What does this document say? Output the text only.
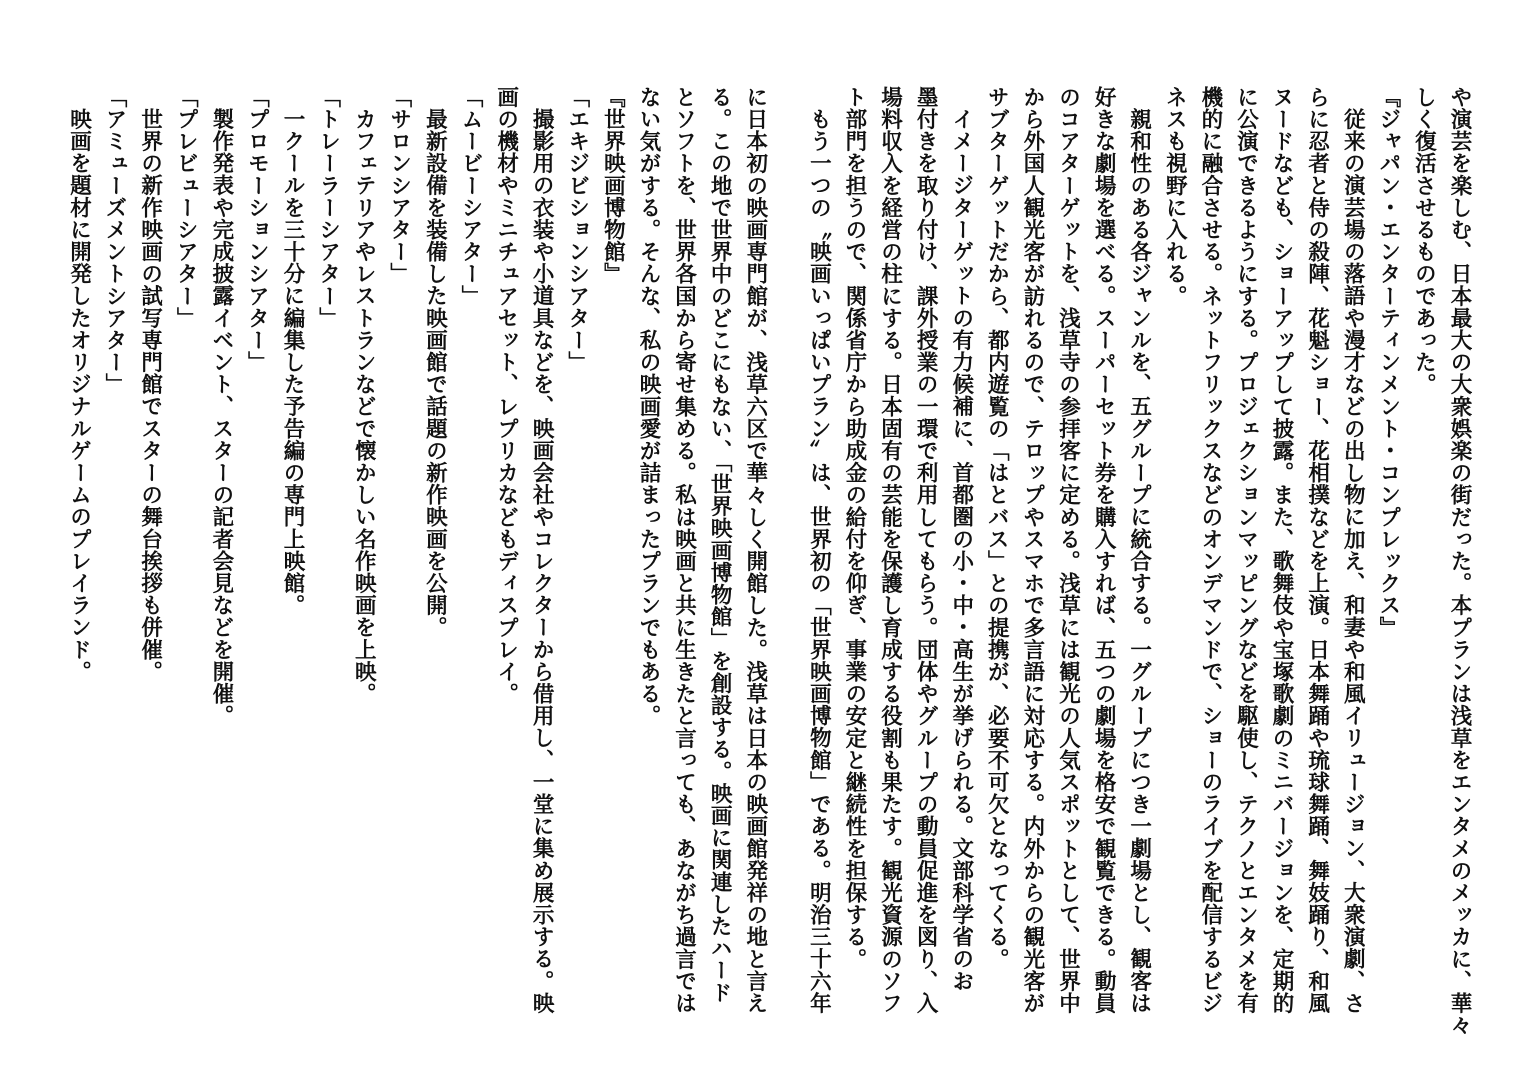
や演芸を楽しむ、日本最大の大衆娯楽の街だった。本プランは浅草をエンタメのメッカに、華々

しく復活させるものであった。

『ジャパン・エンターティンメント・コンプレックス』

従来の演芸場の落語や漫才などの出し物に加え、和妻や和風イリュージョン、大衆演劇、さ

らに忍者と侍の殺陣、花魁ショー、花相撲などを上演。日本舞踊や琉球舞踊、舞妓踊り、和風

ヌードなども、ショーアップして披露。また、歌舞伎や宝塚歌劇のミニバージョンを、定期的

に公演できるようにする。プロジェクションマッピングなどを駆使し、テクノとエンタメを有

機的に融合させる。ネットフリックスなどのオンデマンドで、ショーのライブを配信するビジ

ネスも視野に入れる。

親和性のある各ジャンルを、五グループに統合する。一グループにつき一劇場とし、観客は

好きな劇場を選べる。スーパーセット券を購入すれば、五つの劇場を格安で観覧できる。動員

のコアターゲットを、浅草寺の参拝客に定める。浅草には観光の人気スポットとして、世界中

から外国人観光客が訪れるので、テロップやスマホで多言語に対応する。内外からの観光客が

サブターゲットだから、都内遊覧の「はとバス」との提携が、必要不可欠となってくる。

イメージターゲットの有力候補に、首都圏の小・中・高生が挙げられる。文部科学省のお

墨付きを取り付け、課外授業の一環で利用してもらう。団体やグループの動員促進を図り、入

場料収入を経営の柱にする。日本固有の芸能を保護し育成する役割も果たす。観光資源のソフ

ト部門を担うので、関係省庁から助成金の給付を仰ぎ、事業の安定と継続性を担保する。

もう一つの〝映画いっぱいプラン〟は、世界初の「世界映画博物館」である。明治三十六年

に日本初の映画専門館が、浅草六区で華々しく開館した。浅草は日本の映画館発祥の地と言え

る。この地で世界中のどこにもない、「世界映画博物館」を創設する。映画に関連したハード

とソフトを、世界各国から寄せ集める。私は映画と共に生きたと言っても、あながち過言では

ない気がする。そんな、私の映画愛が詰まったプランでもある。

『世界映画博物館』

「エキジビションシアター」

撮影用の衣装や小道具などを、映画会社やコレクターから借用し、一堂に集め展示する。映

画の機材やミニチュアセット、レプリカなどもディスプレイ。

「ムービーシアター」

最新設備を装備した映画館で話題の新作映画を公開。

「サロンシアター」

カフェテリアやレストランなどで懐かしい名作映画を上映。

「トレーラーシアター」

一クールを三十分に編集した予告編の専門上映館。

「プロモーションシアター」

製作発表や完成披露イベント、スターの記者会見などを開催。

「プレビューシアター」

世界の新作映画の試写専門館でスターの舞台挨拶も併催。

「アミューズメントシアター」

映画を題材に開発したオリジナルゲームのプレイランド。
